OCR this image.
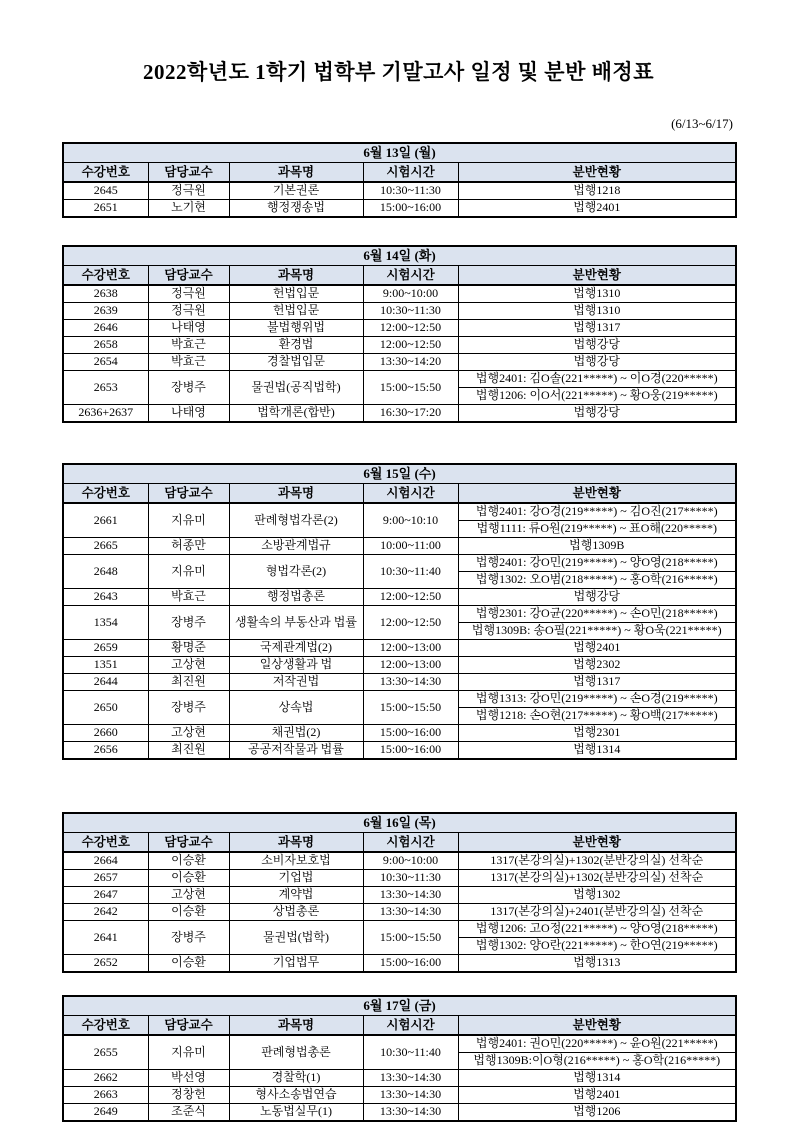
2022학년도 1학기 법학부 기말고사 일정 및 분반 배정표
(6/13~6/17)
6월 13일 (월)				
수강번호	담당교수	과목명	시험시간	분반현황
2645	정극원	기본권론	10:30~11:30	법행1218
2651	노기현	행정쟁송법	15:00~16:00	법행2401
6월 14일 (화)				
수강번호	담당교수	과목명	시험시간	분반현황
2638	정극원	헌법입문	9:00~10:00	법행1310
2639	정극원	헌법입문	10:30~11:30	법행1310
2646	나태영	불법행위법	12:00~12:50	법행1317
2658	박효근	환경법	12:00~12:50	법행강당
2654	박효근	경찰법입문	13:30~14:20	법행강당
2653	장병주	물권법(공직법학)	15:00~15:50	법행2401: 김O솔(221*****) ~ 이O경(220*****)
				법행1206: 이O서(221*****) ~ 황O웅(219*****)
2636+2637	나태영	법학개론(합반)	16:30~17:20	법행강당
6월 15일 (수)				
수강번호	담당교수	과목명	시험시간	분반현황
2661	지유미	판례형법각론(2)	9:00~10:10	법행2401: 강O경(219*****) ~ 김O진(217*****)
				법행1111: 류O원(219*****) ~ 표O해(220*****)
2665	허종만	소방관계법규	10:00~11:00	법행1309B
2648	지유미	형법각론(2)	10:30~11:40	법행2401: 강O민(219*****) ~ 양O영(218*****)
				법행1302: 오O범(218*****) ~ 홍O학(216*****)
2643	박효근	행정법총론	12:00~12:50	법행강당
1354	장병주	생활속의 부동산과 법률	12:00~12:50	법행2301: 강O균(220*****) ~ 손O민(218*****)
				법행1309B: 송O필(221*****) ~ 황O욱(221*****)
2659	황명준	국제관계법(2)	12:00~13:00	법행2401
1351	고상현	일상생활과 법	12:00~13:00	법행2302
2644	최진원	저작권법	13:30~14:30	법행1317
2650	장병주	상속법	15:00~15:50	법행1313: 강O민(219*****) ~ 손O경(219*****)
				법행1218: 손O현(217*****) ~ 황O백(217*****)
2660	고상현	채권법(2)	15:00~16:00	법행2301
2656	최진원	공공저작물과 법률	15:00~16:00	법행1314
6월 16일 (목)				
수강번호	담당교수	과목명	시험시간	분반현황
2664	이승환	소비자보호법	9:00~10:00	1317(본강의실)+1302(분반강의실) 선착순
2657	이승환	기업법	10:30~11:30	1317(본강의실)+1302(분반강의실) 선착순
2647	고상현	계약법	13:30~14:30	법행1302
2642	이승환	상법총론	13:30~14:30	1317(본강의실)+2401(분반강의실) 선착순
2641	장병주	물권법(법학)	15:00~15:50	법행1206: 고O정(221*****) ~ 양O영(218*****)
				법행1302: 양O란(221*****) ~ 한O연(219*****)
2652	이승환	기업법무	15:00~16:00	법행1313
6월 17일 (금)				
수강번호	담당교수	과목명	시험시간	분반현황
2655	지유미	판례형법총론	10:30~11:40	법행2401: 권O민(220*****) ~ 윤O원(221*****)
				법행1309B:이O형(216*****) ~ 홍O학(216*****)
2662	박선영	경찰학(1)	13:30~14:30	법행1314
2663	정창헌	형사소송법연습	13:30~14:30	법행2401
2649	조준식	노동법실무(1)	13:30~14:30	법행1206
